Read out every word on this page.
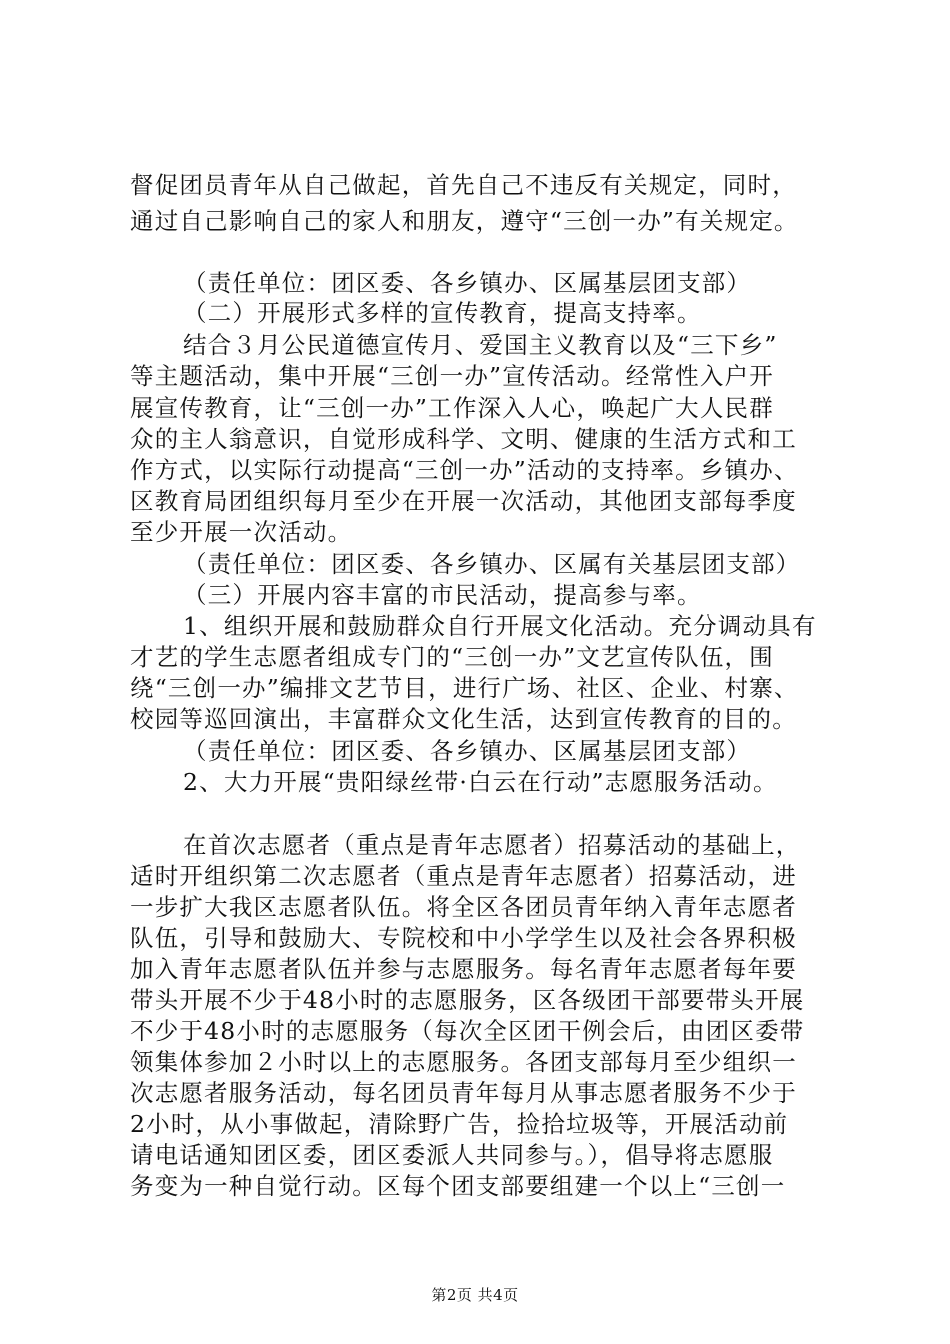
督促团员青年从自己做起，首先自己不违反有关规定，同时，
通过自己影响自己的家人和朋友，遵守“三创一办”有关规定。
（责任单位：团区委、各乡镇办、区属基层团支部）
（二）开展形式多样的宣传教育，提高支持率。
结合３月公民道德宣传月、爱国主义教育以及“三下乡”
等主题活动，集中开展“三创一办”宣传活动。经常性入户开
展宣传教育，让“三创一办”工作深入人心，唤起广大人民群
众的主人翁意识，自觉形成科学、文明、健康的生活方式和工
作方式，以实际行动提高“三创一办”活动的支持率。乡镇办、
区教育局团组织每月至少在开展一次活动，其他团支部每季度
至少开展一次活动。
（责任单位：团区委、各乡镇办、区属有关基层团支部）
（三）开展内容丰富的市民活动，提高参与率。
1、组织开展和鼓励群众自行开展文化活动。充分调动具有
才艺的学生志愿者组成专门的“三创一办”文艺宣传队伍，围
绕“三创一办”编排文艺节目，进行广场、社区、企业、村寨、
校园等巡回演出，丰富群众文化生活，达到宣传教育的目的。
（责任单位：团区委、各乡镇办、区属基层团支部）
2、大力开展“贵阳绿丝带·白云在行动”志愿服务活动。
在首次志愿者（重点是青年志愿者）招募活动的基础上，
适时开组织第二次志愿者（重点是青年志愿者）招募活动，进
一步扩大我区志愿者队伍。将全区各团员青年纳入青年志愿者
队伍，引导和鼓励大、专院校和中小学学生以及社会各界积极
加入青年志愿者队伍并参与志愿服务。每名青年志愿者每年要
带头开展不少于48小时的志愿服务，区各级团干部要带头开展
不少于48小时的志愿服务（每次全区团干例会后，由团区委带
领集体参加２小时以上的志愿服务。各团支部每月至少组织一
次志愿者服务活动，每名团员青年每月从事志愿者服务不少于
2小时，从小事做起，清除野广告，捡拾垃圾等，开展活动前
请电话通知团区委，团区委派人共同参与。），倡导将志愿服
务变为一种自觉行动。区每个团支部要组建一个以上“三创一
第2页 共4页
